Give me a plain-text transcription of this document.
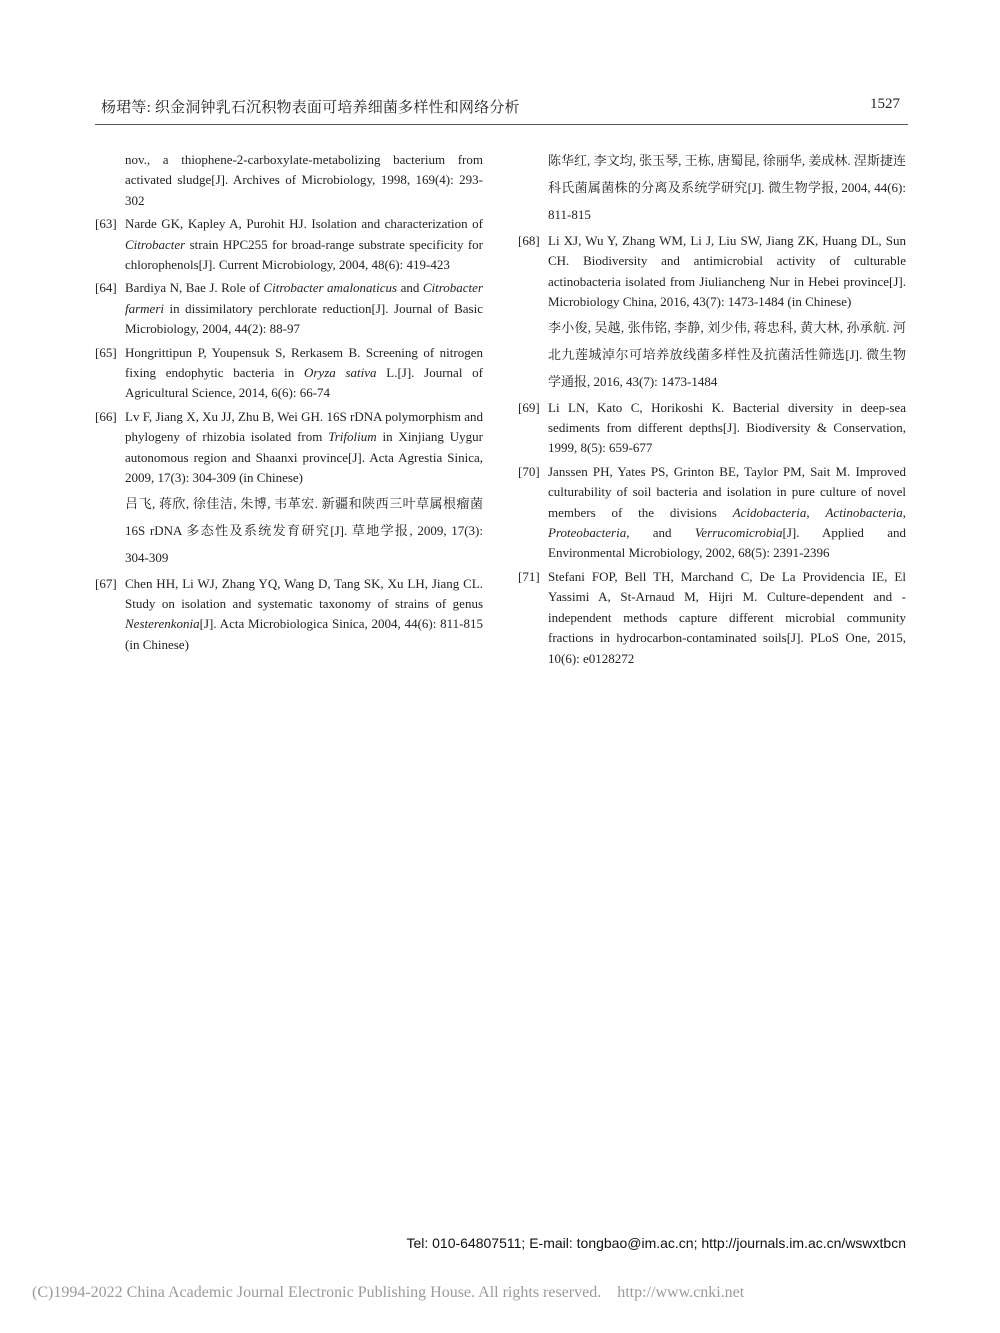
杨珺等: 织金洞钟乳石沉积物表面可培养细菌多样性和网络分析	1527
nov., a thiophene-2-carboxylate-metabolizing bacterium from activated sludge[J]. Archives of Microbiology, 1998, 169(4): 293-302
[63] Narde GK, Kapley A, Purohit HJ. Isolation and characterization of Citrobacter strain HPC255 for broad-range substrate specificity for chlorophenols[J]. Current Microbiology, 2004, 48(6): 419-423
[64] Bardiya N, Bae J. Role of Citrobacter amalonaticus and Citrobacter farmeri in dissimilatory perchlorate reduction[J]. Journal of Basic Microbiology, 2004, 44(2): 88-97
[65] Hongrittipun P, Youpensuk S, Rerkasem B. Screening of nitrogen fixing endophytic bacteria in Oryza sativa L.[J]. Journal of Agricultural Science, 2014, 6(6): 66-74
[66] Lv F, Jiang X, Xu JJ, Zhu B, Wei GH. 16S rDNA polymorphism and phylogeny of rhizobia isolated from Trifolium in Xinjiang Uygur autonomous region and Shaanxi province[J]. Acta Agrestia Sinica, 2009, 17(3): 304-309 (in Chinese)
吕飞, 蒋欣, 徐佳洁, 朱博, 韦革宏. 新疆和陕西三叶草属根瘤菌 16S rDNA 多态性及系统发育研究[J]. 草地学报, 2009, 17(3): 304-309
[67] Chen HH, Li WJ, Zhang YQ, Wang D, Tang SK, Xu LH, Jiang CL. Study on isolation and systematic taxonomy of strains of genus Nesterenkonia[J]. Acta Microbiologica Sinica, 2004, 44(6): 811-815 (in Chinese)
陈华红, 李文均, 张玉琴, 王栋, 唐蜀昆, 徐丽华, 姜成林. 涅斯捷连科氏菌属菌株的分离及系统学研究[J]. 微生物学报, 2004, 44(6): 811-815
[68] Li XJ, Wu Y, Zhang WM, Li J, Liu SW, Jiang ZK, Huang DL, Sun CH. Biodiversity and antimicrobial activity of culturable actinobacteria isolated from Jiuliancheng Nur in Hebei province[J]. Microbiology China, 2016, 43(7): 1473-1484 (in Chinese)
李小俊, 吴越, 张伟铭, 李静, 刘少伟, 蒋忠科, 黄大林, 孙承航. 河北九莲城淖尔可培养放线菌多样性及抗菌活性筛选[J]. 微生物学通报, 2016, 43(7): 1473-1484
[69] Li LN, Kato C, Horikoshi K. Bacterial diversity in deep-sea sediments from different depths[J]. Biodiversity & Conservation, 1999, 8(5): 659-677
[70] Janssen PH, Yates PS, Grinton BE, Taylor PM, Sait M. Improved culturability of soil bacteria and isolation in pure culture of novel members of the divisions Acidobacteria, Actinobacteria, Proteobacteria, and Verrucomicrobia[J]. Applied and Environmental Microbiology, 2002, 68(5): 2391-2396
[71] Stefani FOP, Bell TH, Marchand C, De La Providencia IE, El Yassimi A, St-Arnaud M, Hijri M. Culture-dependent and -independent methods capture different microbial community fractions in hydrocarbon-contaminated soils[J]. PLoS One, 2015, 10(6): e0128272
Tel: 010-64807511; E-mail: tongbao@im.ac.cn; http://journals.im.ac.cn/wswxtbcn
(C)1994-2022 China Academic Journal Electronic Publishing House. All rights reserved. http://www.cnki.net
